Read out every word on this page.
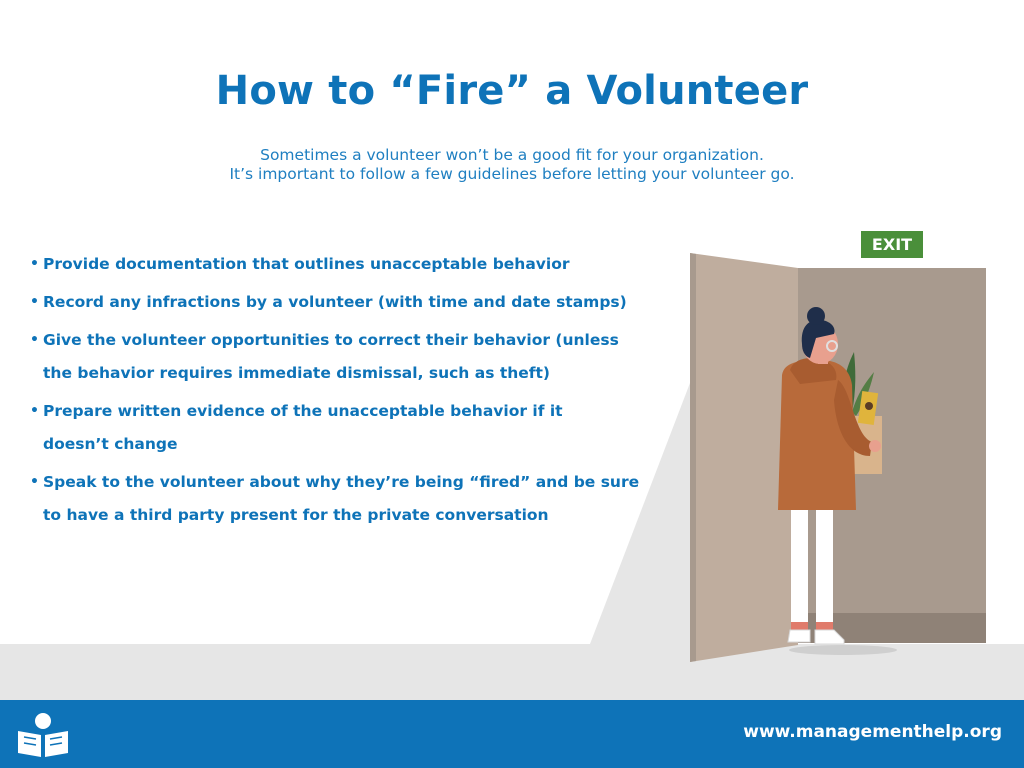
How to “Fire” a Volunteer
Sometimes a volunteer won’t be a good fit for your organization.
It’s important to follow a few guidelines before letting your volunteer go.
• Provide documentation that outlines unacceptable behavior
• Record any infractions by a volunteer (with time and date stamps)
• Give the volunteer opportunities to correct their behavior (unless
the behavior requires immediate dismissal, such as theft)
• Prepare written evidence of the unacceptable behavior if it
doesn’t change
• Speak to the volunteer about why they’re being “fired” and be sure
to have a third party present for the private conversation
EXIT
www.managementhelp.org
